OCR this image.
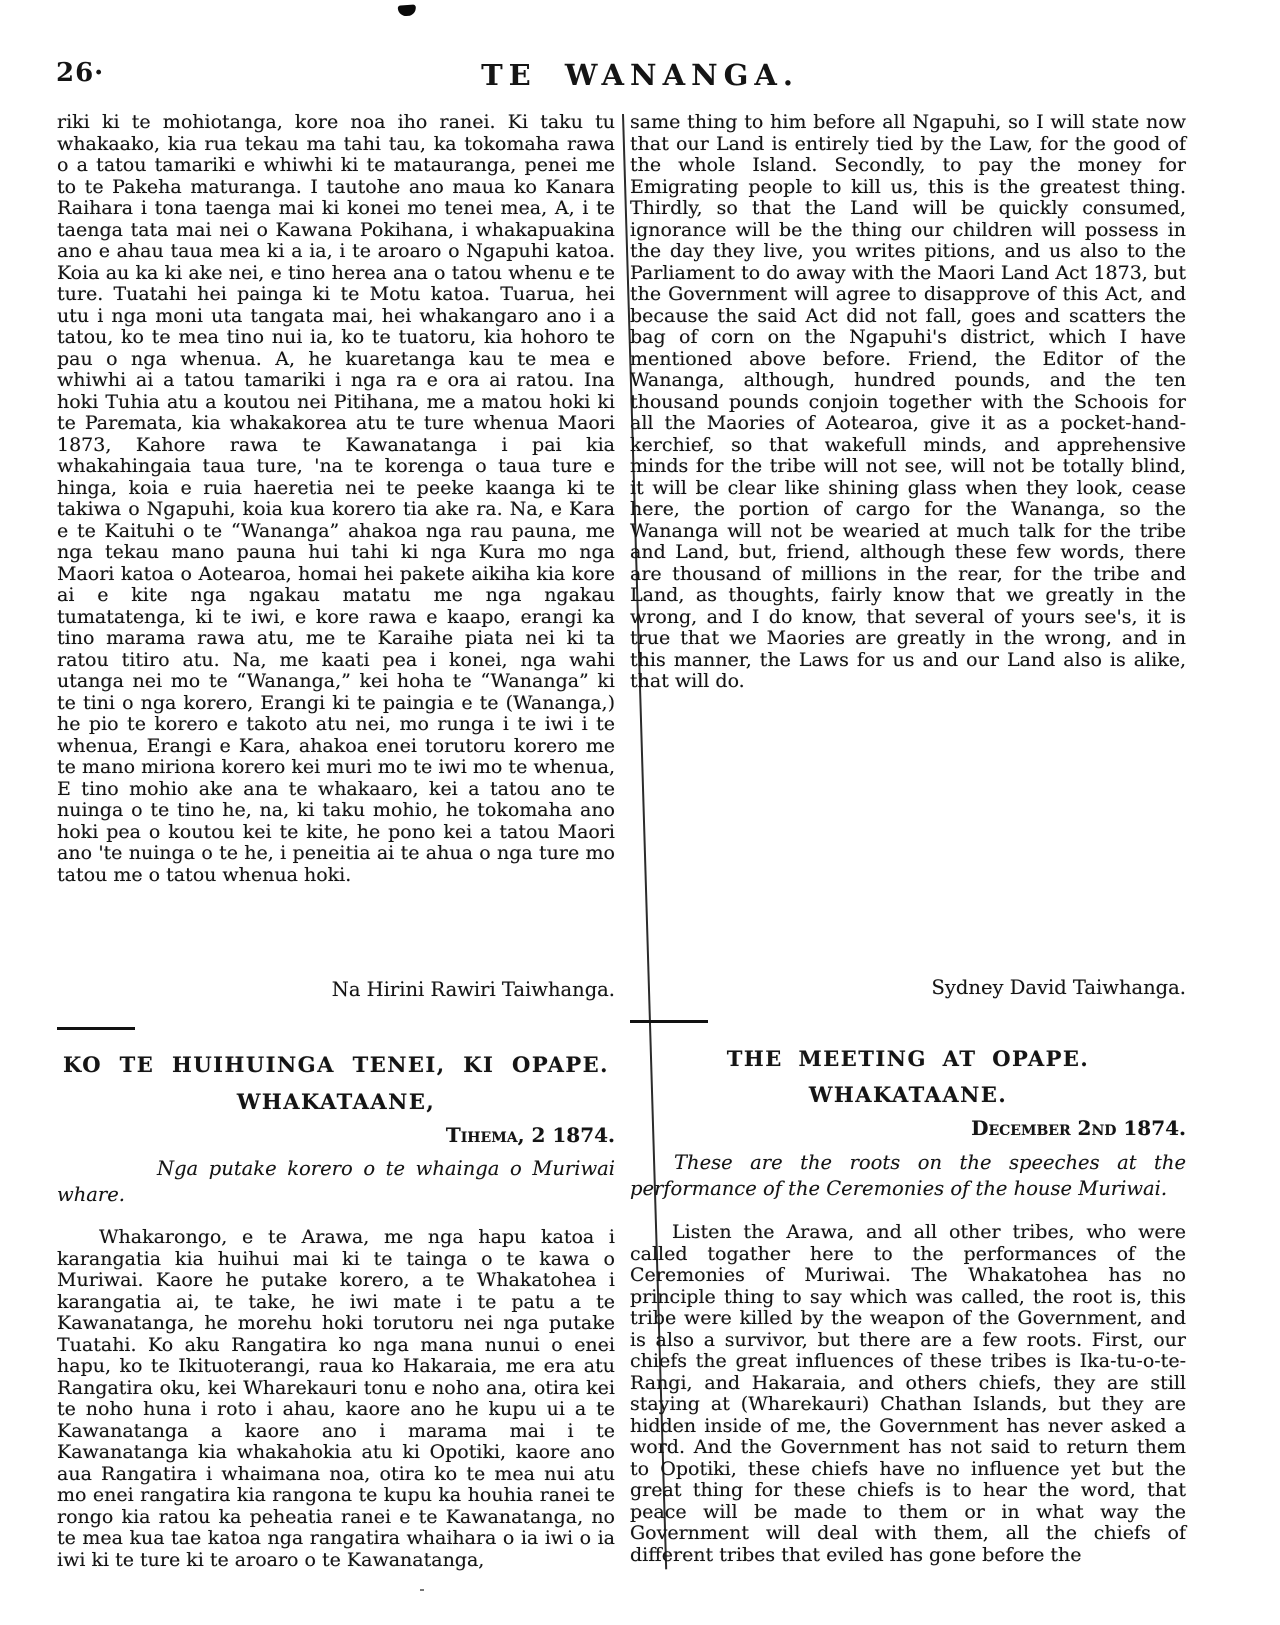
26·	TE WANANGA.

riki ki te mohiotanga, kore noa iho ranei. Ki taku tu whakaako, kia rua tekau ma tahi tau, ka tokomaha rawa o a tatou tamariki e whiwhi ki te matauranga, penei me to te Pakeha maturanga. I tautohe ano maua ko Kanara Raihara i tona taenga mai ki konei mo tenei mea, A, i te taenga tata mai nei o Kawana Pokihana, i whakapuakina ano e ahau taua mea ki a ia, i te aroaro o Ngapuhi katoa. Koia au ka ki ake nei, e tino herea ana o tatou whenu e te ture. Tuatahi hei painga ki te Motu katoa. Tuarua, hei utu i nga moni uta tangata mai, hei whakangaro ano i a tatou, ko te mea tino nui ia, ko te tuatoru, kia hohoro te pau o nga whenua. A, he kuaretanga kau te mea e whiwhi ai a tatou tamariki i nga ra e ora ai ratou. Ina hoki Tuhia atu a koutou nei Pitihana, me a matou hoki ki te Paremata, kia whakakorea atu te ture whenua Maori 1873, Kahore rawa te Kawanatanga i pai kia whakahingaia taua ture, 'na te korenga o taua ture e hinga, koia e ruia haeretia nei te peeke kaanga ki te takiwa o Ngapuhi, koia kua korero tia ake ra. Na, e Kara e te Kaituhi o te “Wananga” ahakoa nga rau pauna, me nga tekau mano pauna hui tahi ki nga Kura mo nga Maori katoa o Aotearoa, homai hei pakete aikiha kia kore ai e kite nga ngakau matatu me nga ngakau tumatatenga, ki te iwi, e kore rawa e kaapo, erangi ka tino marama rawa atu, me te Karaihe piata nei ki ta ratou titiro atu. Na, me kaati pea i konei, nga wahi utanga nei mo te “Wananga,” kei hoha te “Wananga” ki te tini o nga korero, Erangi ki te paingia e te (Wananga,) he pio te korero e takoto atu nei, mo runga i te iwi i te whenua, Erangi e Kara, ahakoa enei torutoru korero me te mano miriona korero kei muri mo te iwi mo te whenua, E tino mohio ake ana te whakaaro, kei a tatou ano te nuinga o te tino he, na, ki taku mohio, he tokomaha ano hoki pea o koutou kei te kite, he pono kei a tatou Maori ano 'te nuinga o te he, i peneitia ai te ahua o nga ture mo tatou me o tatou whenua hoki.

Na Hirini Rawiri Taiwhanga.

KO TE HUIHUINGA TENEI, KI OPAPE.
WHAKATAANE,

Tihema, 2 1874.

Nga putake korero o te whainga o Muriwai whare.

Whakarongo, e te Arawa, me nga hapu katoa i karangatia kia huihui mai ki te tainga o te kawa o Muriwai. Kaore he putake korero, a te Whakatohea i karangatia ai, te take, he iwi mate i te patu a te Kawanatanga, he morehu hoki torutoru nei nga putake Tuatahi. Ko aku Rangatira ko nga mana nunui o enei hapu, ko te Ikituoterangi, raua ko Hakaraia, me era atu Rangatira oku, kei Wharekauri tonu e noho ana, otira kei te noho huna i roto i ahau, kaore ano he kupu ui a te Kawanatanga a kaore ano i marama mai i te Kawanatanga kia whakahokia atu ki Opotiki, kaore ano aua Rangatira i whaimana noa, otira ko te mea nui atu mo enei rangatira kia rangona te kupu ka houhia ranei te rongo kia ratou ka peheatia ranei e te Kawanatanga, no te mea kua tae katoa nga rangatira whaihara o ia iwi o ia iwi ki te ture ki te aroaro o te Kawanatanga,

same thing to him before all Ngapuhi, so I will state now that our Land is entirely tied by the Law, for the good of the whole Island. Secondly, to pay the money for Emigrating people to kill us, this is the greatest thing. Thirdly, so that the Land will be quickly consumed, ignorance will be the thing our children will possess in the day they live, you writes pitions, and us also to the Parliament to do away with the Maori Land Act 1873, but the Government will agree to disapprove of this Act, and because the said Act did not fall, goes and scatters the bag of corn on the Ngapuhi's district, which I have mentioned above before. Friend, the Editor of the Wananga, although, hundred pounds, and the ten thousand pounds conjoin together with the Schoois for all the Maories of Aotearoa, give it as a pocket-hand-kerchief, so that wakefull minds, and apprehensive minds for the tribe will not see, will not be totally blind, it will be clear like shining glass when they look, cease here, the portion of cargo for the Wananga, so the Wananga will not be wearied at much talk for the tribe and Land, but, friend, although these few words, there are thousand of millions in the rear, for the tribe and Land, as thoughts, fairly know that we greatly in the wrong, and I do know, that several of yours see's, it is true that we Maories are greatly in the wrong, and in this manner, the Laws for us and our Land also is alike, that will do.

Sydney David Taiwhanga.

THE MEETING AT OPAPE.
WHAKATAANE.

December 2nd 1874.

These are the roots on the speeches at the performance of the Ceremonies of the house Muriwai.

Listen the Arawa, and all other tribes, who were called togather here to the performances of the Ceremonies of Muriwai. The Whakatohea has no principle thing to say which was called, the root is, this tribe were killed by the weapon of the Government, and is also a survivor, but there are a few roots. First, our chiefs the great influences of these tribes is Ika-tu-o-te-Rangi, and Hakaraia, and others chiefs, they are still staying at (Wharekauri) Chathan Islands, but they are hidden inside of me, the Government has never asked a word. And the Government has not said to return them to Opotiki, these chiefs have no influence yet but the great thing for these chiefs is to hear the word, that peace will be made to them or in what way the Government will deal with them, all the chiefs of different tribes that eviled has gone before the
